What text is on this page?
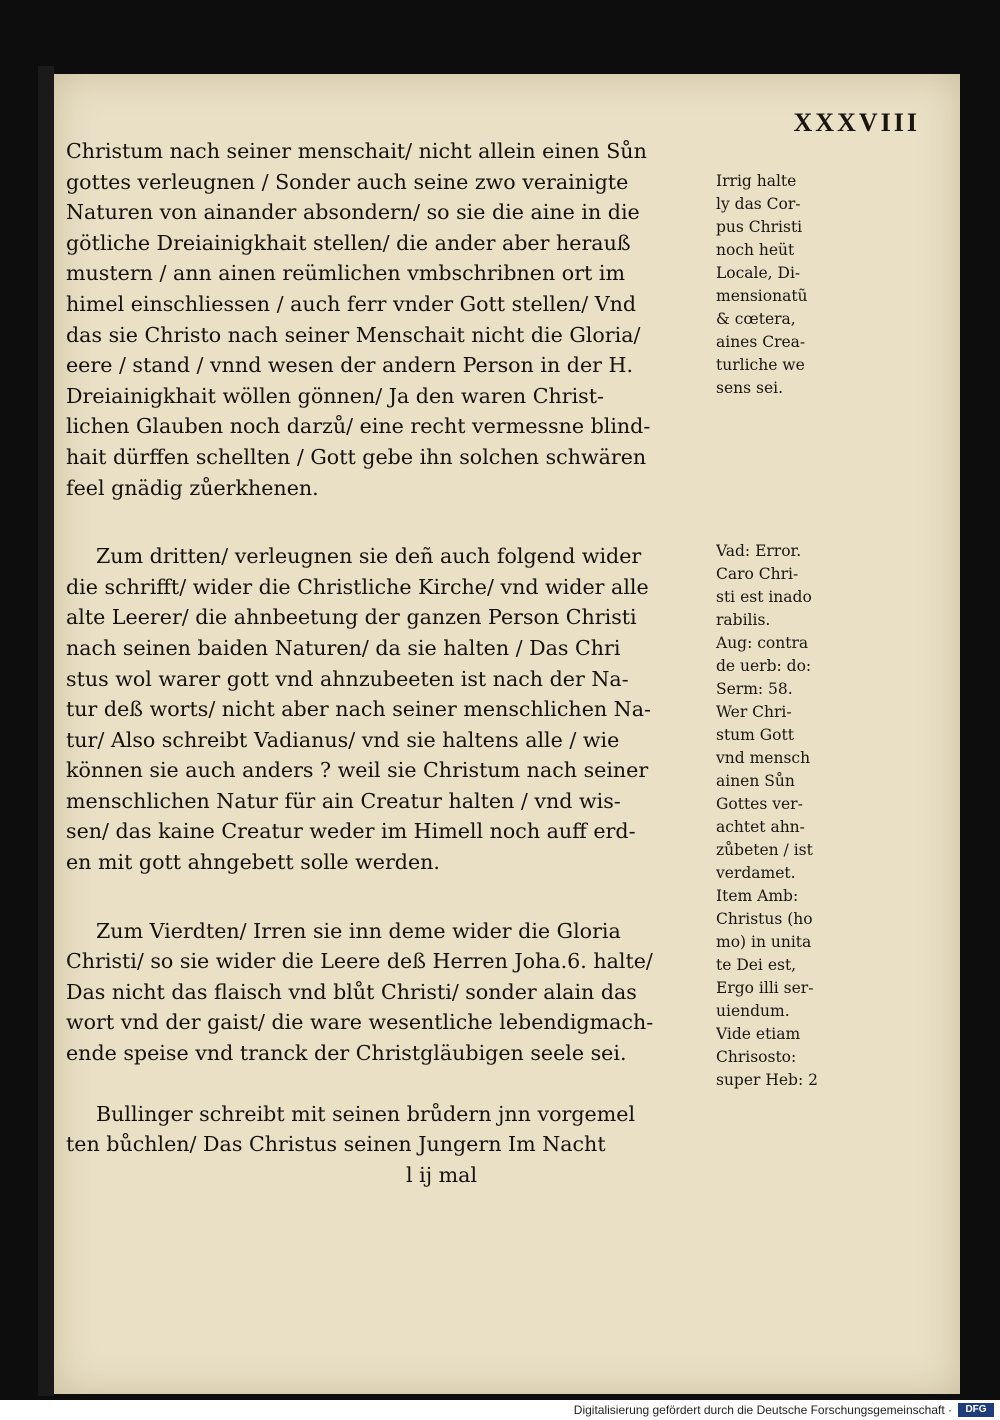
XXXVIII
Christum nach seiner menschait/ nicht allein einen Sůn
gottes verleugnen / Sonder auch seine zwo verainigte
Naturen von ainander absondern/ so sie die aine in die
götliche Dreiainigkhait stellen/ die ander aber herauß
mustern / ann ainen reümlichen vmbschribnen ort im
himel einschliessen / auch ferr vnder Gott stellen/ Vnd
das sie Christo nach seiner Menschait nicht die Gloria/
eere / stand / vnnd wesen der andern Person in der H.
Dreiainigkhait wöllen gönnen/ Ja den waren Christ-
lichen Glauben noch darzů/ eine recht vermessne blind-
hait dürffen schellten / Gott gebe ihn solchen schwären
feel gnädig zůerkhenen.
Zum dritten/ verleugnen sie deñ auch folgend wider
die schrifft/ wider die Christliche Kirche/ vnd wider alle
alte Leerer/ die ahnbeetung der ganzen Person Christi
nach seinen baiden Naturen/ da sie halten / Das Chri
stus wol warer gott vnd ahnzubeeten ist nach der Na-
tur deß worts/ nicht aber nach seiner menschlichen Na-
tur/ Also schreibt Vadianus/ vnd sie haltens alle / wie
können sie auch anders ? weil sie Christum nach seiner
menschlichen Natur für ain Creatur halten / vnd wis-
sen/ das kaine Creatur weder im Himell noch auff erd-
en mit gott ahngebett solle werden.
Zum Vierdten/ Irren sie inn deme wider die Gloria
Christi/ so sie wider die Leere deß Herren Joha.6. halte/
Das nicht das flaisch vnd blůt Christi/ sonder alain das
wort vnd der gaist/ die ware wesentliche lebendigmach-
ende speise vnd tranck der Christgläubigen seele sei.
Bullinger schreibt mit seinen brůdern jnn vorgemel
ten bůchlen/ Das Christus seinen Jungern Im Nacht
l ij mal
Irrig halte
ly das Cor-
pus Christi
noch heüt
Locale, Di-
mensionatũ
& cœtera,
aines Crea-
turliche we
sens sei.
Vad: Error.
Caro Chri-
sti est inado
rabilis.
Aug: contra
de uerb: do:
Serm: 58.
Wer Chri-
stum Gott
vnd mensch
ainen Sůn
Gottes ver-
achtet ahn-
zůbeten / ist
verdamet.
Item Amb:
Christus (ho
mo) in unita
te Dei est,
Ergo illi ser-
uiendum.
Vide etiam
Chrisosto:
super Heb: 2
Digitalisierung gefördert durch die Deutsche Forschungsgemeinschaft ·	DFG
